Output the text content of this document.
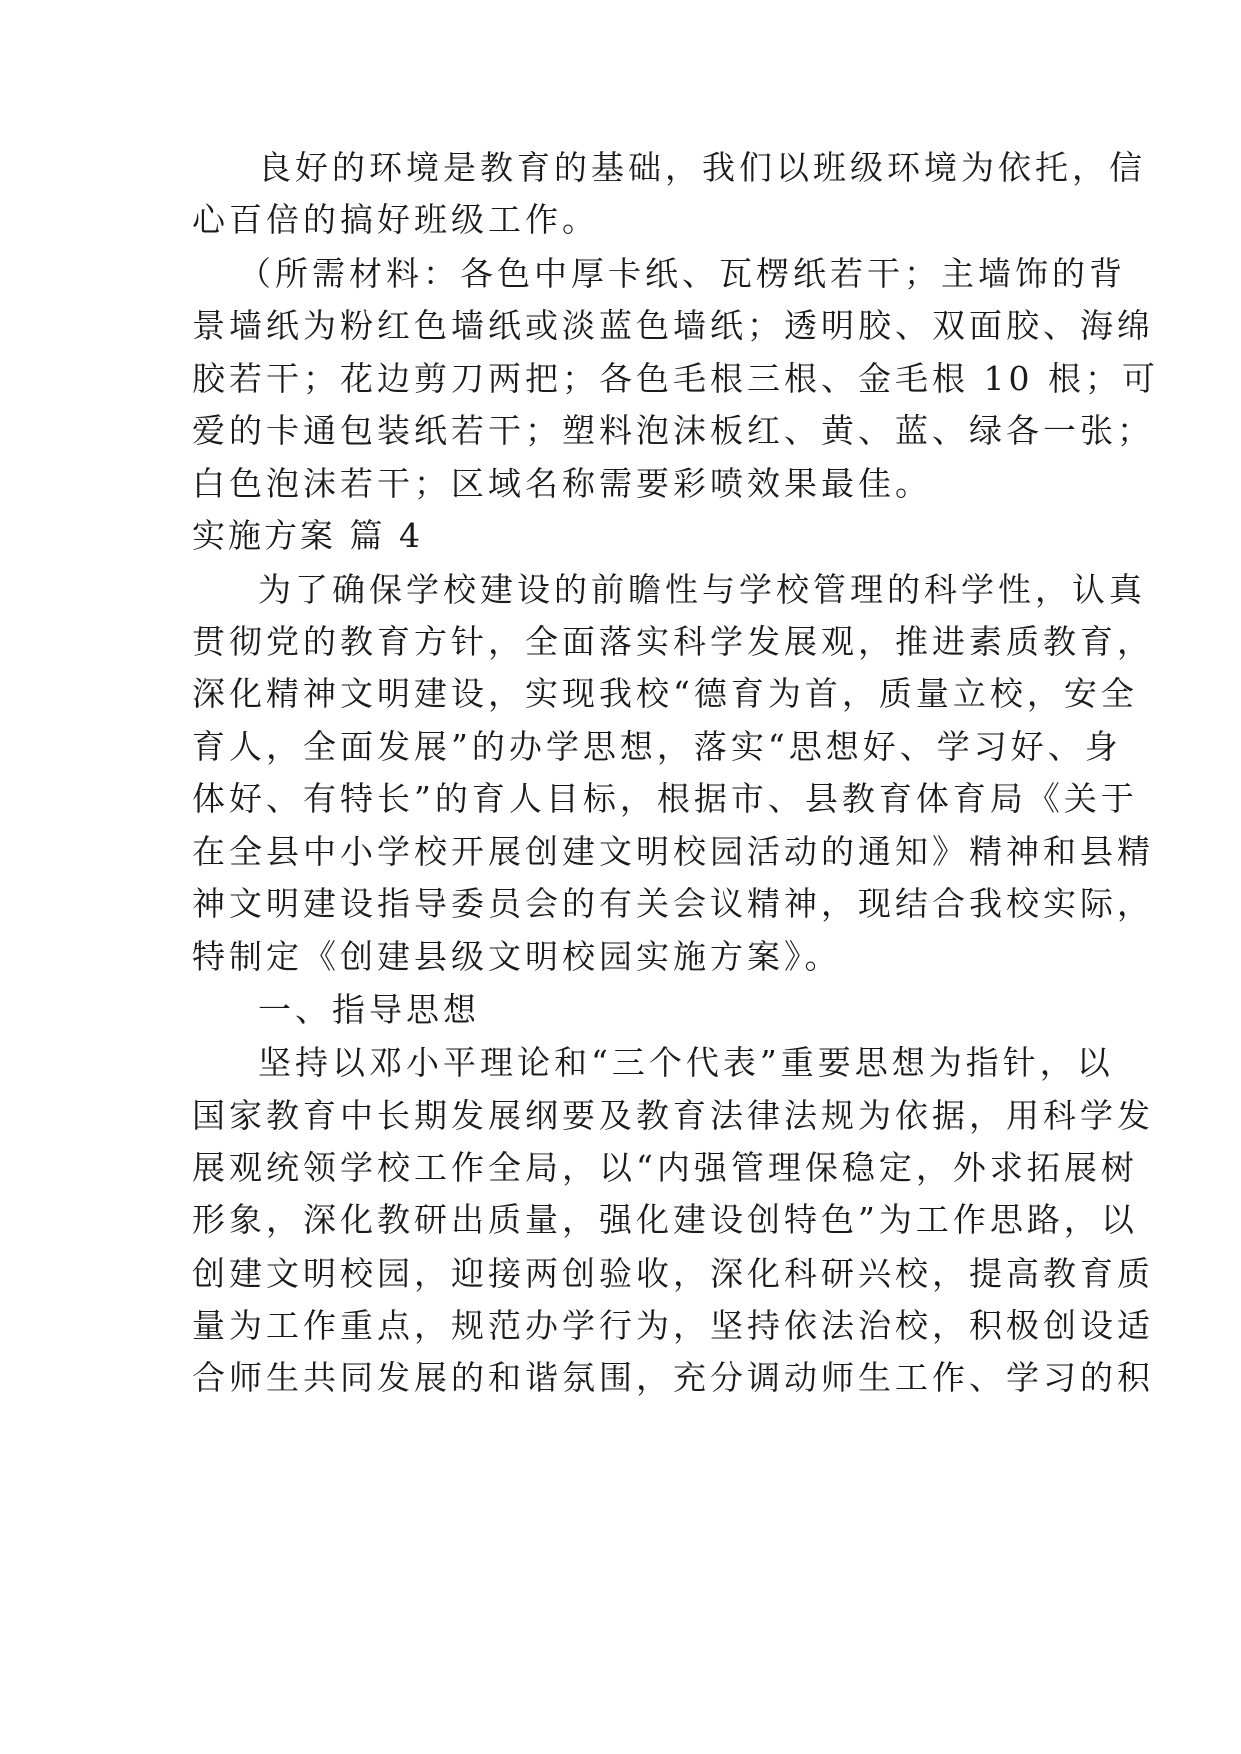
良好的环境是教育的基础，我们以班级环境为依托，信
心百倍的搞好班级工作。
（所需材料：各色中厚卡纸、瓦楞纸若干；主墙饰的背
景墙纸为粉红色墙纸或淡蓝色墙纸；透明胶、双面胶、海绵
胶若干；花边剪刀两把；各色毛根三根、金毛根 10 根；可
爱的卡通包装纸若干；塑料泡沫板红、黄、蓝、绿各一张；
白色泡沫若干；区域名称需要彩喷效果最佳。
实施方案 篇 4
为了确保学校建设的前瞻性与学校管理的科学性，认真
贯彻党的教育方针，全面落实科学发展观，推进素质教育，
深化精神文明建设，实现我校“德育为首，质量立校，安全
育人，全面发展”的办学思想，落实“思想好、学习好、身
体好、有特长”的育人目标，根据市、县教育体育局《关于
在全县中小学校开展创建文明校园活动的通知》精神和县精
神文明建设指导委员会的有关会议精神，现结合我校实际，
特制定《创建县级文明校园实施方案》。
一、指导思想
坚持以邓小平理论和“三个代表”重要思想为指针，以
国家教育中长期发展纲要及教育法律法规为依据，用科学发
展观统领学校工作全局，以“内强管理保稳定，外求拓展树
形象，深化教研出质量，强化建设创特色”为工作思路，以
创建文明校园，迎接两创验收，深化科研兴校，提高教育质
量为工作重点，规范办学行为，坚持依法治校，积极创设适
合师生共同发展的和谐氛围，充分调动师生工作、学习的积
